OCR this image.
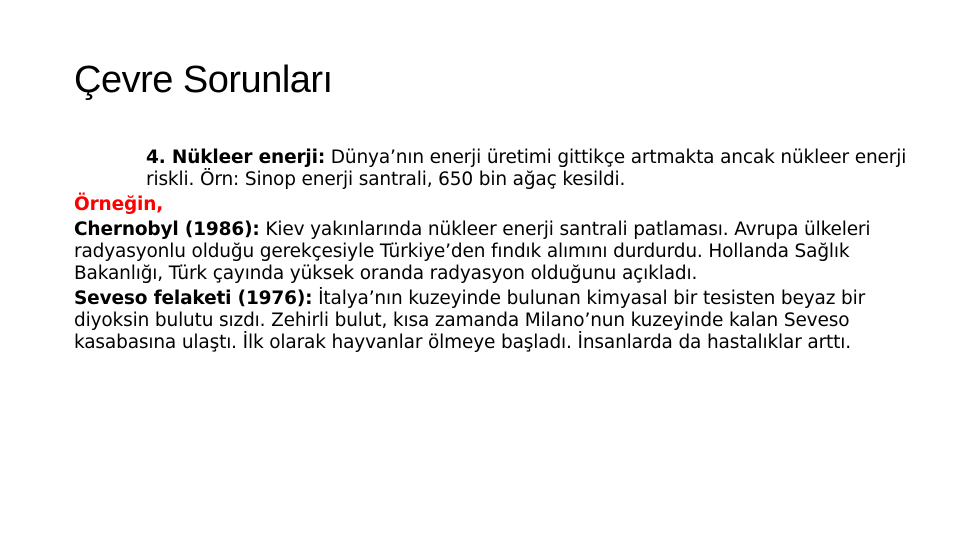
Çevre Sorunları

4. Nükleer enerji: Dünya’nın enerji üretimi gittikçe artmakta ancak nükleer enerji riskli. Örn: Sinop enerji santrali, 650 bin ağaç kesildi.

Örneğin,

Chernobyl (1986): Kiev yakınlarında nükleer enerji santrali patlaması. Avrupa ülkeleri radyasyonlu olduğu gerekçesiyle Türkiye’den fındık alımını durdurdu. Hollanda Sağlık Bakanlığı, Türk çayında yüksek oranda radyasyon olduğunu açıkladı.

Seveso felaketi (1976): İtalya’nın kuzeyinde bulunan kimyasal bir tesisten beyaz bir diyoksin bulutu sızdı. Zehirli bulut, kısa zamanda Milano’nun kuzeyinde kalan Seveso kasabasına ulaştı. İlk olarak hayvanlar ölmeye başladı. İnsanlarda da hastalıklar arttı.
